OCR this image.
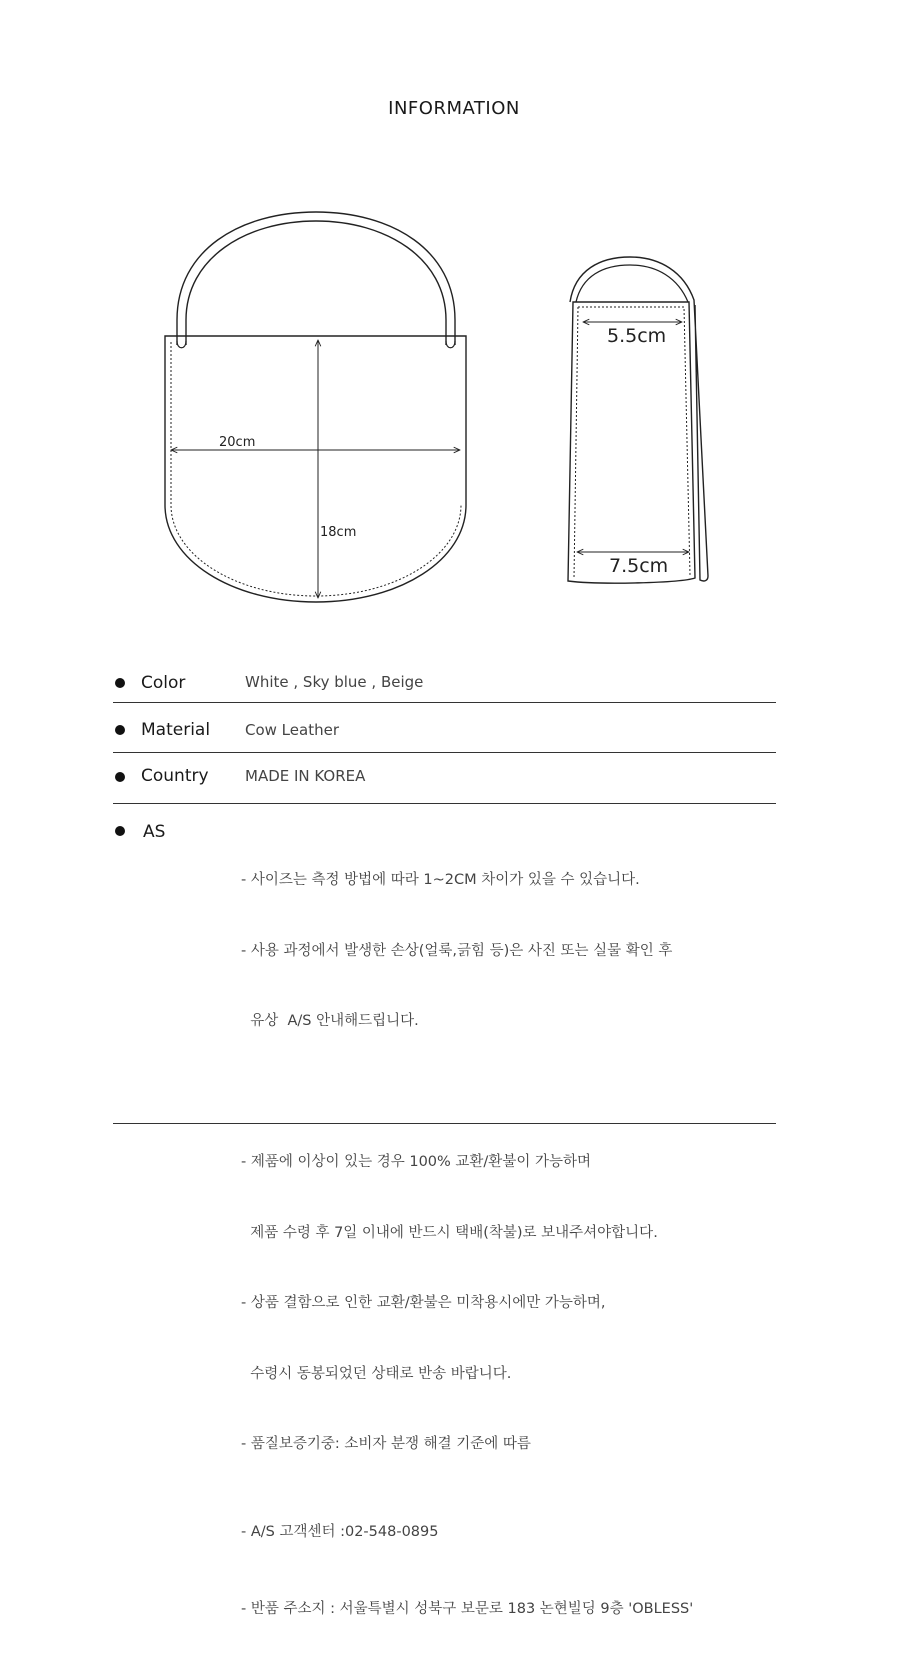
INFORMATION
20cm
18cm
5.5cm
7.5cm
Color	White , Sky blue , Beige
Material Cow Leather
Country MADE IN KOREA
AS

- 사이즈는 측정 방법에 따라 1~2CM 차이가 있을 수 있습니다.

- 사용 과정에서 발생한 손상(얼룩,긁힘 등)은 사진 또는 실물 확인 후

유상  A/S 안내해드립니다.

- 제품에 이상이 있는 경우 100% 교환/환불이 가능하며

제품 수령 후 7일 이내에 반드시 택배(착불)로 보내주셔야합니다.

- 상품 결함으로 인한 교환/환불은 미착용시에만 가능하며,

수령시 동봉되었던 상태로 반송 바랍니다.

- 품질보증기중: 소비자 분쟁 해결 기준에 따름

- A/S 고객센터 :02-548-0895

- 반품 주소지 : 서울특별시 성북구 보문로 183 논현빌딩 9층 'OBLESS'
